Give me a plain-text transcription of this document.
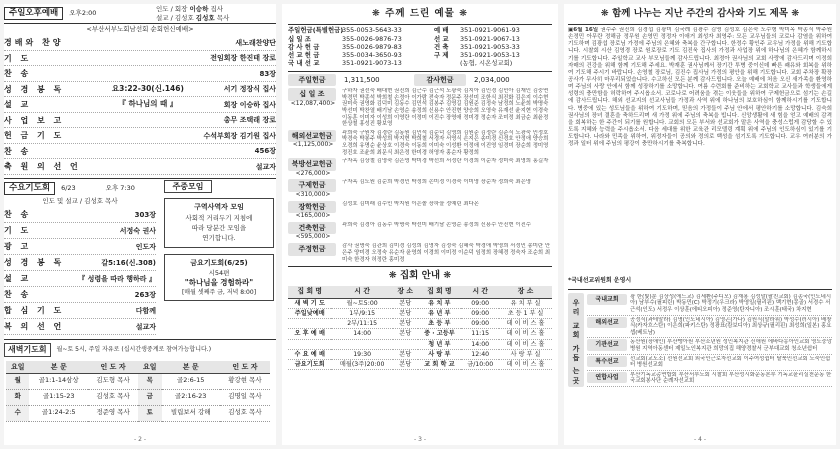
주일오후예배	오후2:00	인도 / 회장 이승하 집사
설교 / 김성호 김성호 목사
<부산서부노회남선회 순회헌신예배>
경배와 찬양	새노래찬양단
기 도	전임회장 한진태 장로
찬 송	83장
성 경 봉 독	요3:22-30(신.146)	서기 정장식 집사
설 교	『 하나님의 때 』	회장 이승하 집사
사 업 보 고	총무 조택래 장로
헌 금 기 도	수석부회장 김기원 집사
찬 송	456장
축 원 의 선 언	설교자
수요기도회	6/23	오후 7:30
인도 및 설교 / 김성호 목사
찬 송	303장
기 도	서정숙 권사
광 고	인도자
성 경 봉 독	갈5:16(신.308)
설 교	『 성령을 따라 행하라 』
찬 송	263장
합 심 기 도	다함께
복 의 선 언	설교자
주중모임
구역사역자 모임
사회적 거리두기 지침에
따라 당분간 모임을
연기합니다.
금요기도회(6/25)
시54편
"하나님을 경험하라"
[매월 셋째주 금, 저녁 8:00]
새벽기도회	월~토 5시, 주일 자유로 (십시간생중계로 참여가능합니다.)
요일	본 문	인 도 자	요일	본 문	인 도 자
월	골1:1-14삼상	김도형 목사	목	골2:6-15	황강현 목사
화	골1:15-23	김성호 목사	금	골2:16-23	김명일 목사
수	골1:24-2:5	정준영 목사	토	빌립보서 강해	김성호 목사
- 2 -
❋ 주께 드린 예물 ❋
주일헌금(특별헌금)
355-0053-5643-33	예 배	351-0921-9061-93
십 일 조	355-0026-9876-73	선 교	351-0921-9067-13
감 사 헌 금	355-0026-9879-83	건 축	351-0921-9053-33
선 교 헌 금	355-0034-3650-93	구 제	351-0921-9053-13
국 내 선 교	351-0921-9073-13	(농협, 시온성교회)
주일헌금	1,311,500	감사헌금	2,034,000
십 일 조
<12,087,400>
구하자 권선숙 배대현 권진희 김근수 김근석 노광숙 김지아 김민경 김민아 김재인 김중연 박경민 박종석 박희철 손정아 이가람 전숙자 정문주 장선미 조한식 최진화 김은지 이수현 권미숙 권영화 김덕미 김동수 김민석 김봉주 김영길 김원준 김정숙 남정희 노윤희 박명숙 박선미 박찬열 배기남 손영순 송정희 신용수 안진현 양승희 오영숙 유재선 윤지현 이경숙 이동훈 이미자 이성희 이영란 이정미 이진수 장영애 정미경 정순자 조미정 최금순 최윤정 한상철 홍성진 황보영
해외선교헌금
<1,125,000>
곽희숙 구원자 김경란 김동원 김민석 김순덕 김영희 김원준 김정란 김준식 노광숙 민정호 박경숙 박봉주 박성희 박지현 박희철 서경자 서영식 손지은 송미경 신경호 안정애 양승희 오경희 유명순 윤상호 이경숙 이동희 이미숙 이성환 이정애 이진영 임경미 장순희 정미영 정진호 조윤희 최문식 최은정 한미경 허영자 홍순자 황정희
북방선교헌금
<276,000>
구자옥 김상철 김영숙 김은영 박미경 박선희 서정란 이경희 이순자 정미숙 최영희 홍길자
구제헌금
<310,000>
구자옥 김도원 김순희 박경민 박정희 손미정 이경숙 이미영 장순자 정희숙 최은영
장학헌금
<165,000>
김성호 김미래 김수민 박지원 이은솔 장하늘 정예린 최다온
건축헌금
<595,000>
곽희숙 김경아 김동수 박명숙 박선미 배기남 손영순 송정희 신용수 안진현 이진수
주정헌금	감사 권명숙 김관희 김미경 김성희 김영자 김정숙 김혜숙 박경애 박영희 서정민 송미란 안은주 양미경 오정숙 유순자 윤영희 이경희 이미정 이순덕 임정희 장혜경 정숙자 조순희 최미숙 한경자 허정란 홍미정
❋ 집회 안내 ❋
집 회 명	시 간	장 소	집 회 명	시 간	장 소
새 벽 기 도	월~토5:00	본당	유 치 부	09:00	유 치 부 실
주일낮예배	1부/9:15	본당	유 년 부	09:00	초 등 1 부 실
	2부/11:15	본당	초 등 부	09:00	데 이 비 스 홀
오 후 예 배	14:00	본당	중 · 고등부	11:15	데 이 비 스 홀
			청 년 부	14:00	데 이 비 스 홀
수 요 예 배	19:30	본당	사 랑 부	12:40	사 랑 부 실
금요기도회	매월(3주)20:00	본당	교 회 학 교	금/10:00	데 이 비 스 홀
- 3 -
❋ 함께 나누는 지난 주간의 감사와 기도 제목 ❋
▣6월 16일 권수주 권진희 김경섭 김광미 김국례 김광수 김영 김성호 김은숙 도수형 박미옥 박종식 박주원 손정민 아무란 정해금 정무원 손영민 정정자 이애거 최성자 최영주: 모든 교우님들의 코로나 감염을 위하여 기도하며 김광섭 장로님 가정에 주님의 은혜와 축복을 간구합니다. 한정수 황인주 교우님 가정을 위해 기도합니다. 시찰회 시산 김영경 장로 원로장로 기도 김진욱 집사의 가정과 사업장 위에 하나님의 은혜가 함께하시기를 기도합니다. 주일학교 교사 부모님들께 감사드립니다. 최정아 권사님의 교회 사랑에 감사드리며 이정희 자매의 건강을 위해 함께 기도해 주세요. 박재훈 권사님께서 장기간 투병 중이신데 빠른 쾌유와 회복을 위하여 기도해 주시기 바랍니다. 손영철 장로님, 김진수 집사님 가정의 평안을 위해 기도합니다. 교회 주차장 확장 공사가 무사히 마무리되었습니다. 수고하신 모든 분께 감사드립니다. 오늘 예배에 처음 오신 새가족을 환영하며 주님의 사랑 안에서 함께 성장하기를 소망합니다. 여름 수련회를 준비하는 교회학교 교사들과 학생들에게 성령의 충만함을 허락하여 주시옵소서. 코로나로 어려움을 겪는 이웃들을 위하여 구제헌금으로 섬기는 손길에 감사드립니다. 해외 선교지의 선교사님들 가정과 사역 위에 하나님의 보호하심이 함께하시기를 기도합니다. 병중에 있는 성도님들을 위하여 기도하며, 믿음의 가정들이 주님 안에서 평안하기를 소망합니다. 김숙희 권사님의 장녀 결혼을 축하드리며 새 가정 위에 주님의 축복을 빕니다. 신앙생활에 새 힘을 얻고 예배의 감격을 회복하는 한 주간이 되기를 원합니다. 교회의 모든 부서와 선교회가 맡은 사역을 충성스럽게 감당할 수 있도록 지혜와 능력을 주시옵소서. 다음 세대를 위한 교육관 리모델링 계획 위에 주님의 인도하심이 있기를 기도합니다. 나라와 민족을 위하여, 위정자들이 공의와 정의로 백성을 섬기도록 기도합니다. 교우 여러분의 가정과 일터 위에 주님의 평강이 충만하시기를 축복합니다.
*국내선교위원회 운영시
우
리
교
회
가
돕
는
곳
국내교회	광 한(빛)분 김상성(에드교) 김세환(주디모) 김재용 김성말(팔친교회) 김종국(인도네시아) 남부수(필피린) 박동민(C) 박정기(우크라) 박영일(필리핀) 백기현(몽골) 서경수 서근석(인도) 서정우 이상훈(에티오피아) 정준영(탄자니아) 조시훈(태국) 차지현
해외선교	공정식(과테말라) 김명(인도네시아) 김영곤(가나) 김원식(말라위) 박성수(러시아) 배창식(카자흐스탄) 이은희(파키스탄) 정광표(캄보디아) 최상규(필리핀) 최성희(일본) 홍요셉(베트남)
기관선교	동산원(장애인) 부산맹아원 부산소년원 성민복지관 신애원 에바다농아인교회 영도중앙병원 지역아동센터 제일노인복지관 희망의집 해양경찰서 군부대교회 청소년쉼터
특수선교	선교회(교도소) 선원선교회 외국인근로자선교회 이주여성쉼터 탈북민선교회 노숙인쉼터 병원선교회
연합사업	부산기독교총연합회 부산서부노회 시찰회 부산성시화운동본부 기독교윤리실천운동 한국교회봉사단 순례자선교회
- 4 -
